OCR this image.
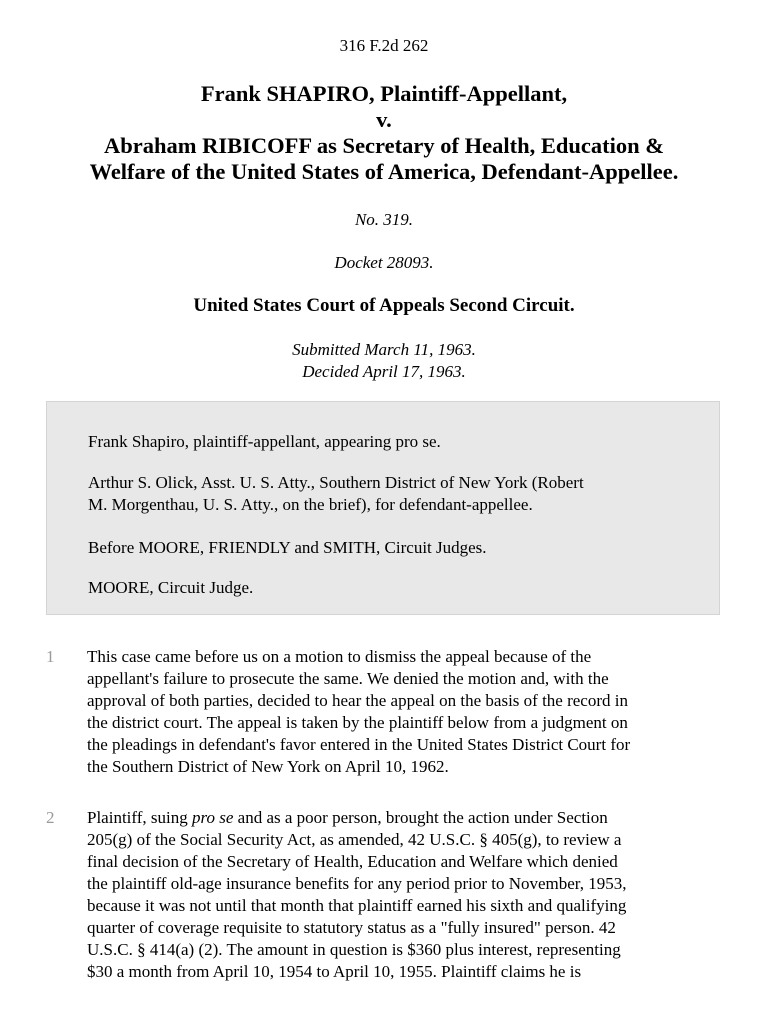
316 F.2d 262
Frank SHAPIRO, Plaintiff-Appellant,
v.
Abraham RIBICOFF as Secretary of Health, Education &
Welfare of the United States of America, Defendant-Appellee.
No. 319.
Docket 28093.
United States Court of Appeals Second Circuit.
Submitted March 11, 1963.
Decided April 17, 1963.
Frank Shapiro, plaintiff-appellant, appearing pro se.
Arthur S. Olick, Asst. U. S. Atty., Southern District of New York (Robert
M. Morgenthau, U. S. Atty., on the brief), for defendant-appellee.
Before MOORE, FRIENDLY and SMITH, Circuit Judges.
MOORE, Circuit Judge.
1 This case came before us on a motion to dismiss the appeal because of the
appellant's failure to prosecute the same. We denied the motion and, with the
approval of both parties, decided to hear the appeal on the basis of the record in
the district court. The appeal is taken by the plaintiff below from a judgment on
the pleadings in defendant's favor entered in the United States District Court for
the Southern District of New York on April 10, 1962.
2 Plaintiff, suing pro se and as a poor person, brought the action under Section
205(g) of the Social Security Act, as amended, 42 U.S.C. § 405(g), to review a
final decision of the Secretary of Health, Education and Welfare which denied
the plaintiff old-age insurance benefits for any period prior to November, 1953,
because it was not until that month that plaintiff earned his sixth and qualifying
quarter of coverage requisite to statutory status as a "fully insured" person. 42
U.S.C. § 414(a) (2). The amount in question is $360 plus interest, representing
$30 a month from April 10, 1954 to April 10, 1955. Plaintiff claims he is
